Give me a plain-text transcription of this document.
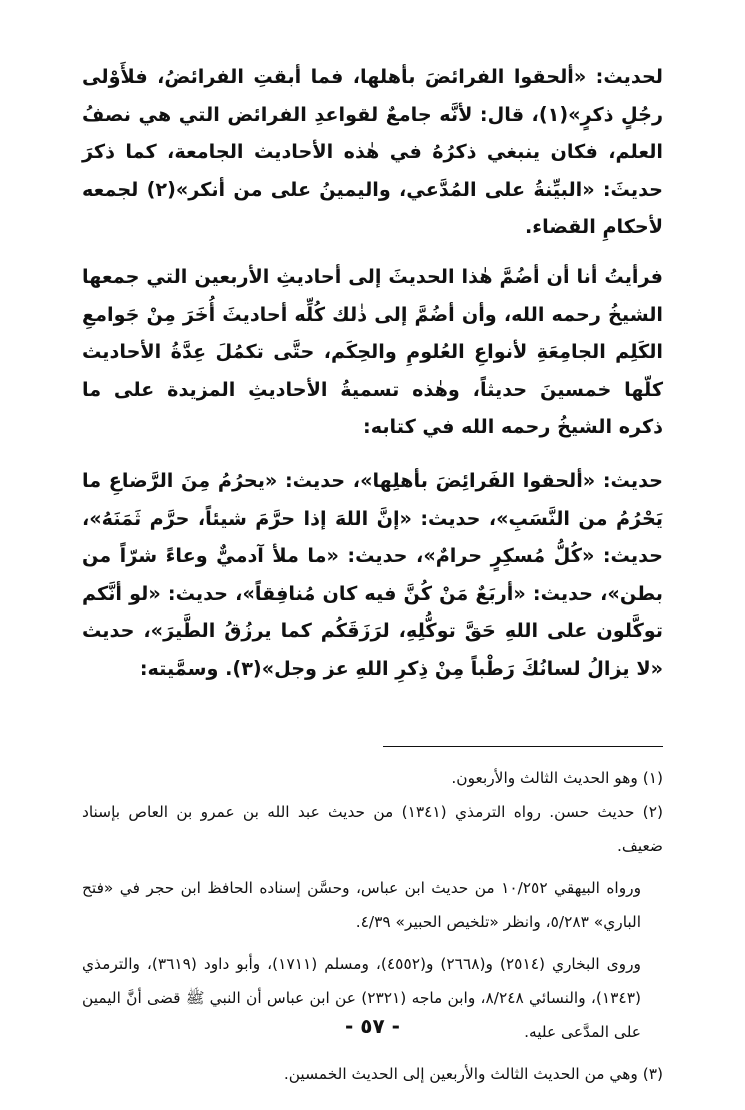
لحديث: «ألحقوا الفرائضَ بأهلها، فما أبقتِ الفرائضُ، فلأَوْلى رجُلٍ ذكرٍ»(١)، قال: لأنَّه جامعٌ لقواعدِ الفرائض التي هي نصفُ العلم، فكان ينبغي ذكرُهُ في هٰذه الأحاديث الجامعة، كما ذكرَ حديثَ: «البيِّنةُ على المُدَّعي، واليمينُ على من أنكر»(٢) لجمعه لأحكامِ القضاء.

فرأيتُ أنا أن أضُمَّ هٰذا الحديثَ إلى أحاديثِ الأربعين التي جمعها الشيخُ رحمه الله، وأن أضُمَّ إلى ذٰلك كُلِّه أحاديثَ أُخَرَ مِنْ جَوامعِ الكَلِم الجامِعَةِ لأنواعِ العُلومِ والحِكَم، حتَّى تكمُلَ عِدَّةُ الأحاديث كلّها خمسينَ حديثاً، وهٰذه تسميةُ الأحاديثِ المزيدة على ما ذكره الشيخُ رحمه الله في كتابه:

حديث: «ألحقوا الفَرائِضَ بأهلِها»، حديث: «يحرُمُ مِنَ الرَّضاعِ ما يَحْرُمُ من النَّسَبِ»، حديث: «إنَّ اللهَ إذا حرَّمَ شيئاً، حرَّم ثَمَنَهُ»، حديث: «كُلُّ مُسكِرٍ حرامٌ»، حديث: «ما ملأ آدميٌّ وعاءً شرّاً من بطن»، حديث: «أربَعٌ مَنْ كُنَّ فيه كان مُنافِقاً»، حديث: «لو أنَّكم توكَّلون على اللهِ حَقَّ توكُّلِهِ، لرَزَقَكُم كما يرزُقُ الطَّيرَ»، حديث «لا يزالُ لسانُكَ رَطْباً مِنْ ذِكرِ اللهِ عز وجل»(٣). وسمَّيته:

(١) وهو الحديث الثالث والأربعون.

(٢) حديث حسن. رواه الترمذي (١٣٤١) من حديث عبد الله بن عمرو بن العاص بإسناد ضعيف.

ورواه البيهقي ١٠/٢٥٢ من حديث ابن عباس، وحسَّن إسناده الحافظ ابن حجر في «فتح الباري» ٥/٢٨٣، وانظر «تلخيص الحبير» ٤/٣٩.

وروى البخاري (٢٥١٤) و(٢٦٦٨) و(٤٥٥٢)، ومسلم (١٧١١)، وأبو داود (٣٦١٩)، والترمذي (١٣٤٣)، والنسائي ٨/٢٤٨، وابن ماجه (٢٣٢١) عن ابن عباس أن النبي ﷺ قضى أنَّ اليمين على المدَّعى عليه.

(٣) وهي من الحديث الثالث والأربعين إلى الحديث الخمسين.

- ٥٧ -
